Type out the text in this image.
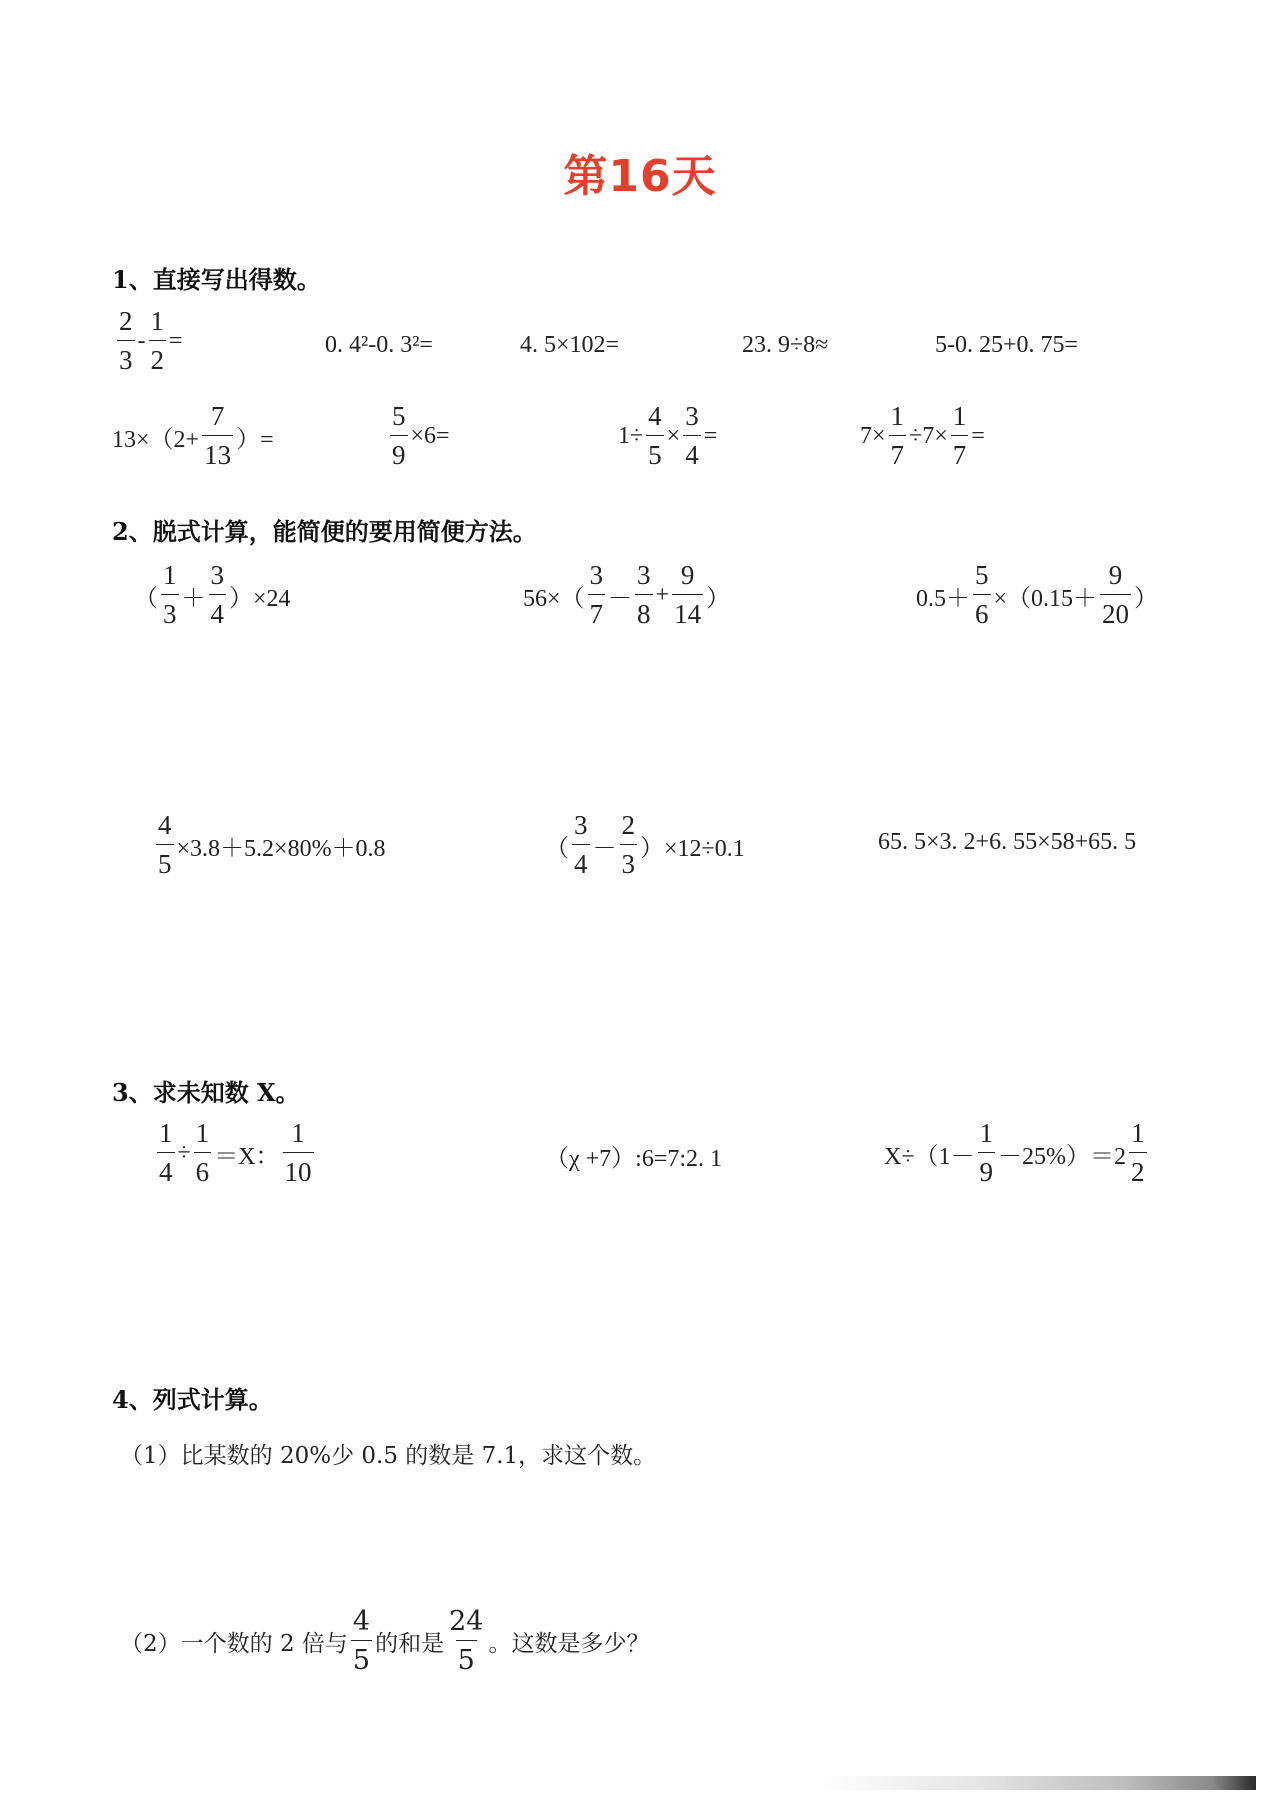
第16天
1、直接写出得数。
$\frac{2}{3} - \frac{1}{2}$ =	0. 4²-0. 3²=	4. 5×102=	23. 9÷8≈	5-0. 25+0. 75=
$13\times(2+ \frac{7}{13}$ ）=	$\frac{5}{9} \times 6=$	$1\div \frac{4}{5} \times \frac{3}{4}$ =	$7\times \frac{1}{7} \div 7\times \frac{1}{7}$ =
2、脱式计算，能简便的要用简便方法。
（ $\frac{1}{3} + \frac{3}{4} )\times 24$	$56\times( \frac{3}{7} - \frac{3}{8} + \frac{9}{14}$ ）	$0.5+ \frac{5}{6} \times(0.15+ \frac{9}{20}$ ）
$\frac{4}{5} \times 3.8+5.2\times 80\%+0.8$	（ $\frac{3}{4} - \frac{2}{3} )\times 12\div 0.1$	65. 5×3. 2+6. 55×58+65. 5
3、求未知数 X。
$\frac{1}{4} \div \frac{1}{6} =X$： $\frac{1}{10}$	（χ +7）:6=7:2. 1	$X\div(1- \frac{1}{9} -25\%)=2 \frac{1}{2}$
4、列式计算。
（1）比某数的 20%少 0.5 的数是 7.1，求这个数。
（2）一个数的 2 倍与 $\frac{4}{5}$ 的和是 $\frac{24}{5}$ 。这数是多少？
